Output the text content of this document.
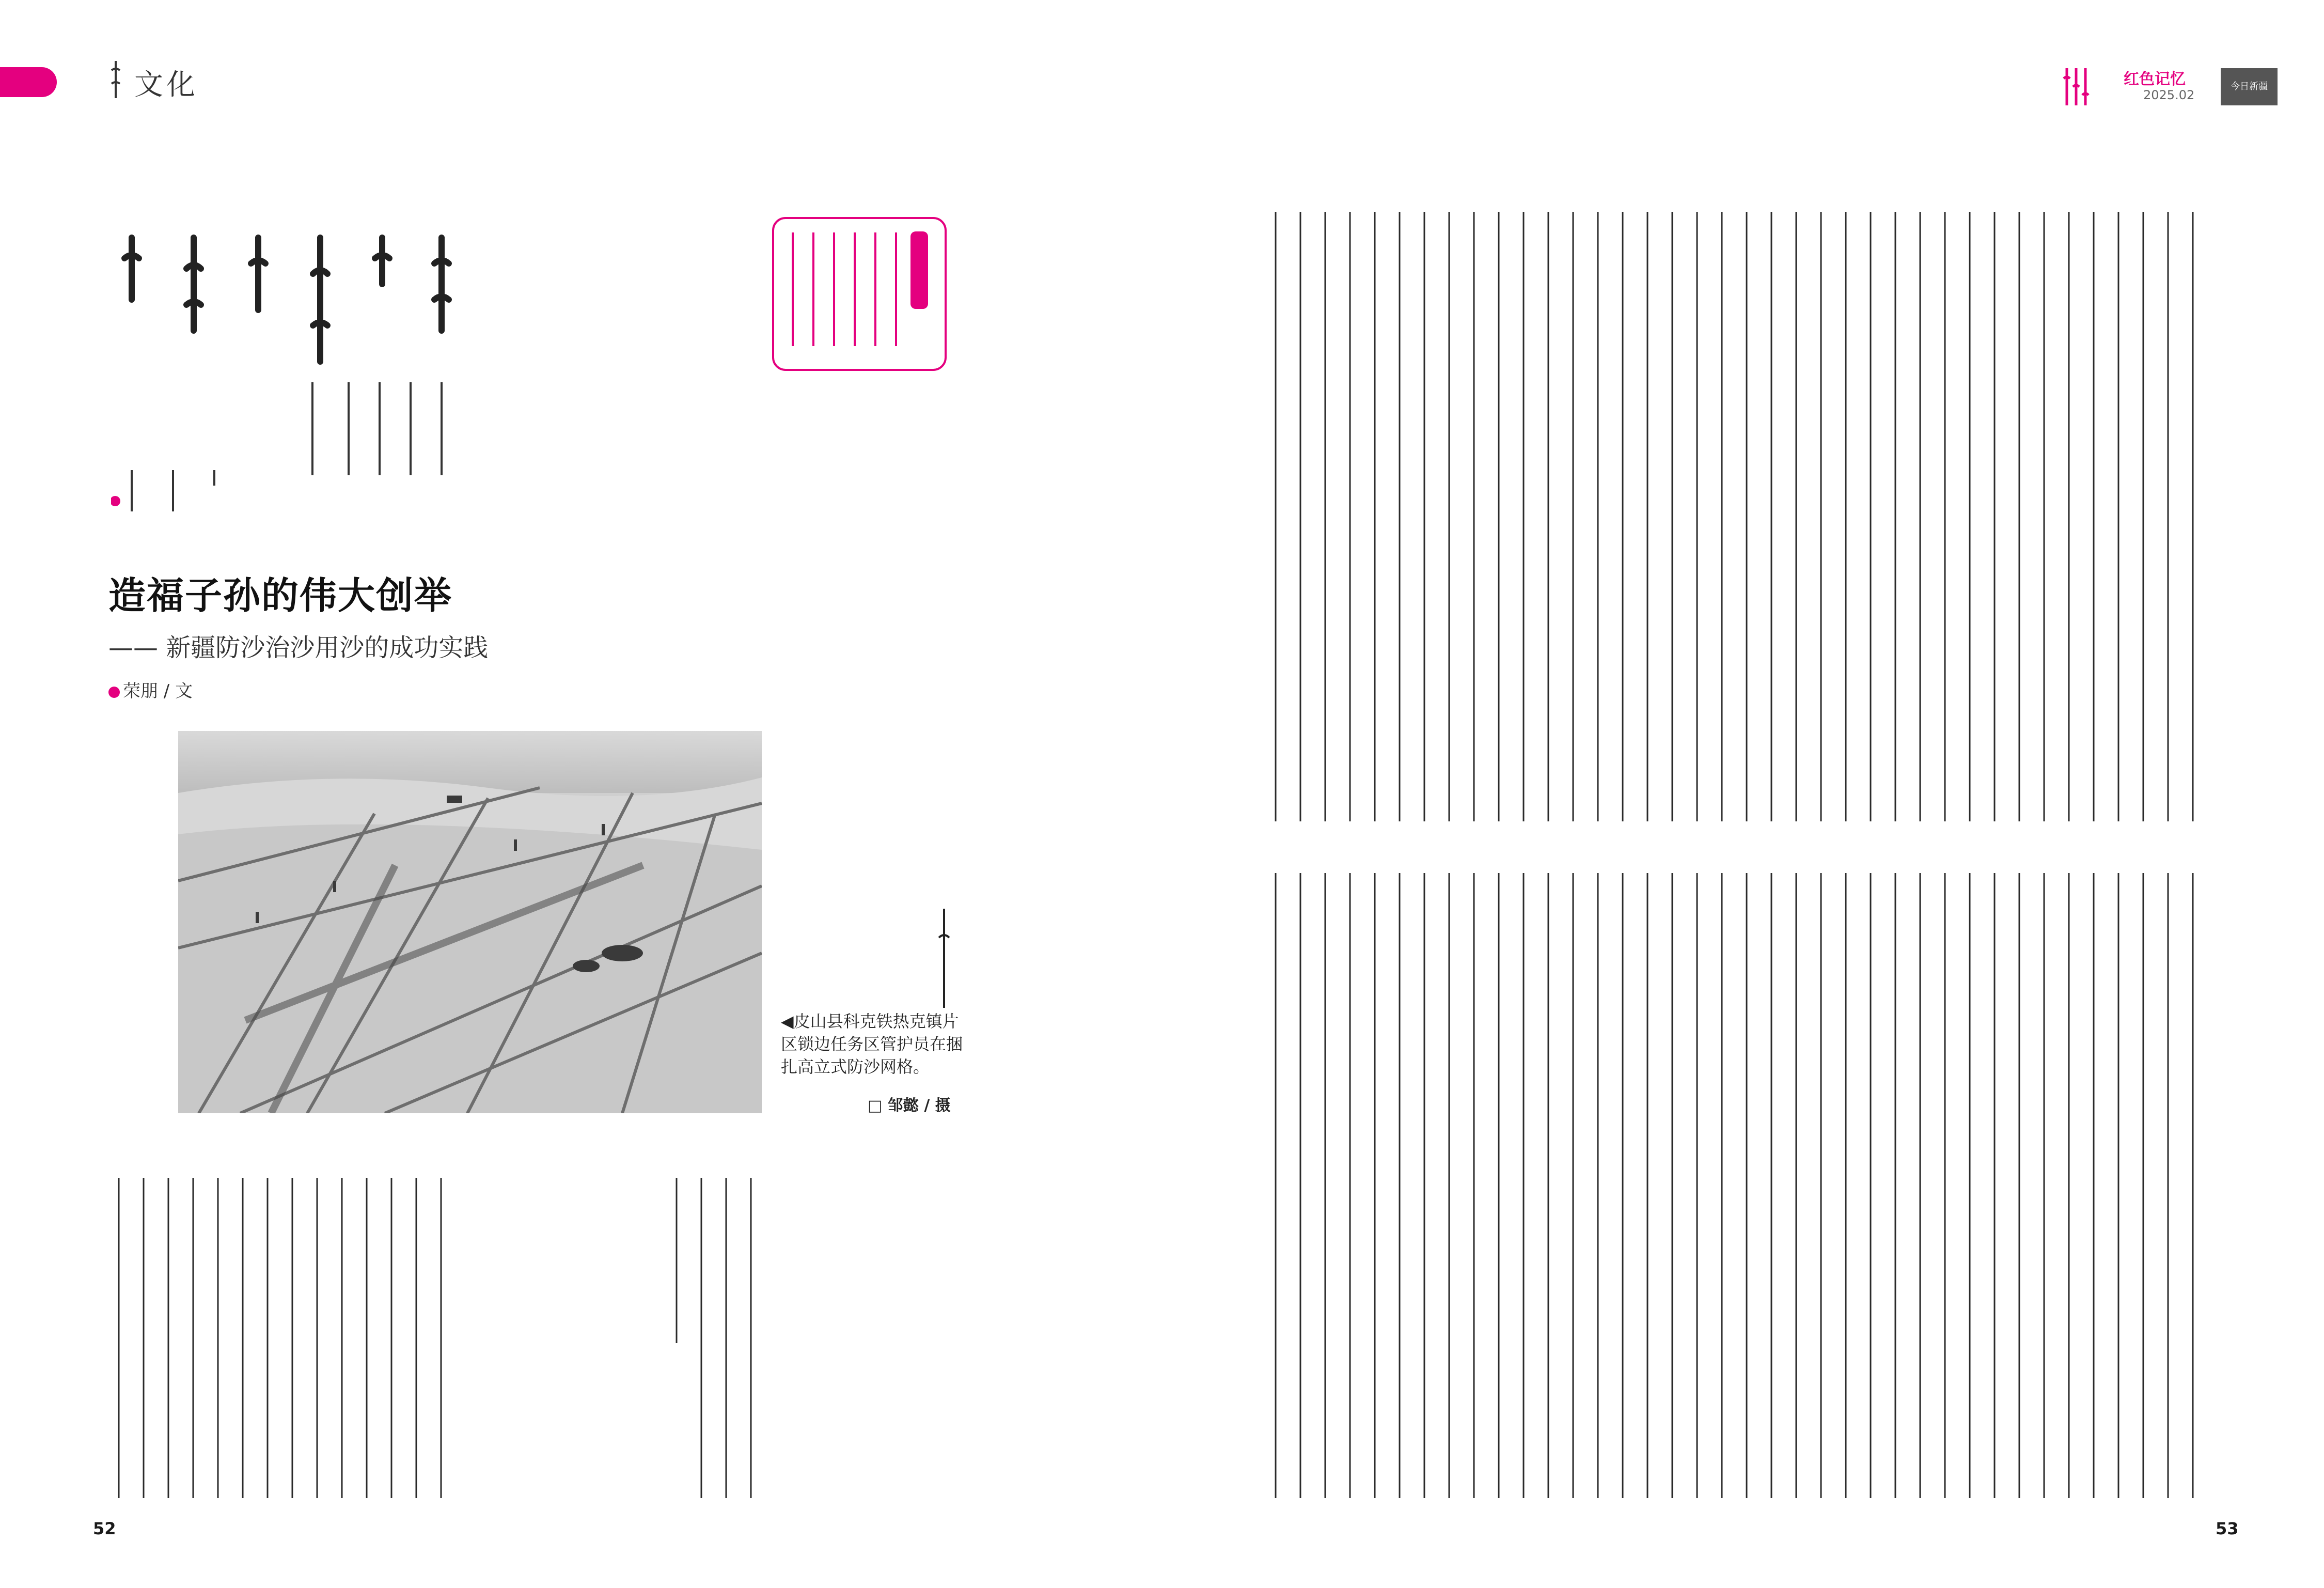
文化	红色记忆
2025.02
今日新疆
造福子孙的伟大创举
—— 新疆防沙治沙用沙的成功实践
荣朋 / 文
◀皮山县科克铁热克镇片区锁边任务区管护员在捆扎高立式防沙网格。
□ 邹懿 / 摄
52	53
